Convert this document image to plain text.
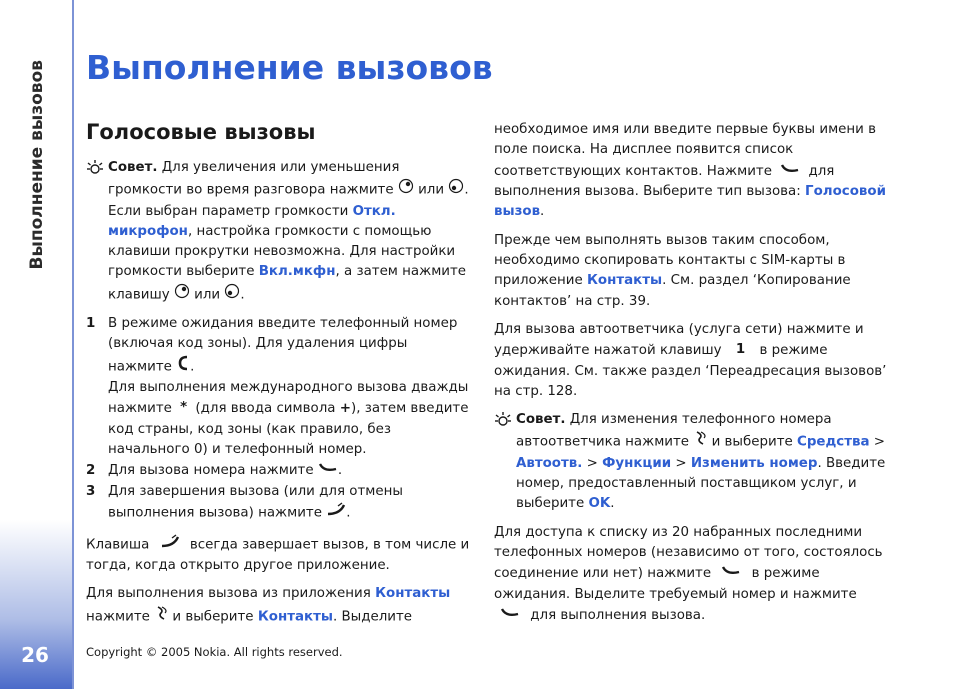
Выполнение вызовов
26
Выполнение вызовов
Голосовые вызовы

Совет. Для увеличения или уменьшения громкости во время разговора нажмите  или . Если выбран параметр громкости Откл. микрофон, настройка громкости с помощью клавиши прокрутки невозможна. Для настройки громкости выберите Вкл.мкфн, а затем нажмите клавишу  или .

1 В режиме ожидания введите телефонный номер (включая код зоны). Для удаления цифры нажмите .

Для выполнения международного вызова дважды нажмите * (для ввода символа +), затем введите код страны, код зоны (как правило, без начального 0) и телефонный номер.

2 Для вызова номера нажмите .

3 Для завершения вызова (или для отмены выполнения вызова) нажмите .

Клавиша  всегда завершает вызов, в том числе и тогда, когда открыто другое приложение.

Для выполнения вызова из приложения Контакты нажмите  и выберите Контакты. Выделите

необходимое имя или введите первые буквы имени в поле поиска. На дисплее появится список соответствующих контактов. Нажмите  для выполнения вызова. Выберите тип вызова: Голосовой вызов.

Прежде чем выполнять вызов таким способом, необходимо скопировать контакты с SIM-карты в приложение Контакты. См. раздел ‘Копирование контактов’ на стр. 39.

Для вызова автоответчика (услуга сети) нажмите и удерживайте нажатой клавишу 1 в режиме ожидания. См. также раздел ‘Переадресация вызовов’ на стр. 128.

Совет. Для изменения телефонного номера автоответчика нажмите  и выберите Средства > Автоотв. > Функции > Изменить номер. Введите номер, предоставленный поставщиком услуг, и выберите OK.

Для доступа к списку из 20 набранных последними телефонных номеров (независимо от того, состоялось соединение или нет) нажмите  в режиме ожидания. Выделите требуемый номер и нажмите  для выполнения вызова.

Copyright © 2005 Nokia. All rights reserved.
